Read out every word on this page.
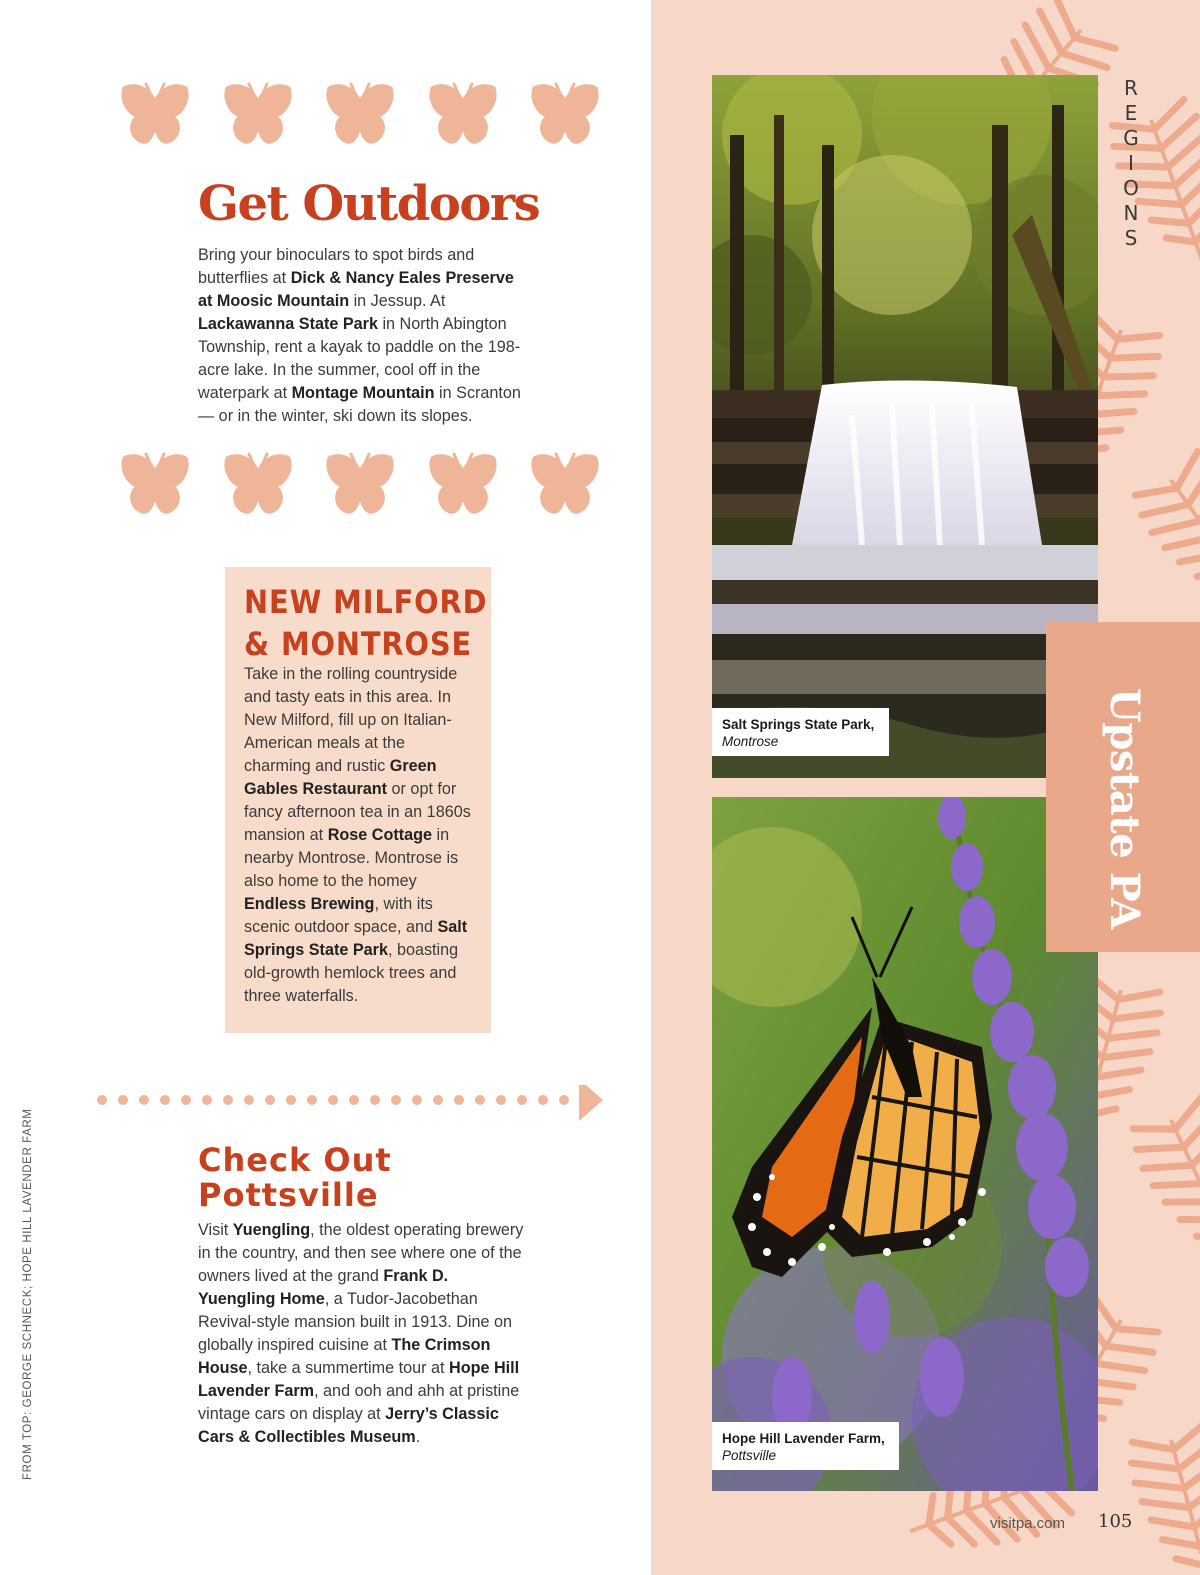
Get Outdoors
Bring your binoculars to spot birds and butterflies at Dick & Nancy Eales Preserve at Moosic Mountain in Jessup. At Lackawanna State Park in North Abington Township, rent a kayak to paddle on the 198-acre lake. In the summer, cool off in the waterpark at Montage Mountain in Scranton — or in the winter, ski down its slopes.
NEW MILFORD
& MONTROSE
Take in the rolling countryside and tasty eats in this area. In New Milford, fill up on Italian-American meals at the charming and rustic Green Gables Restaurant or opt for fancy afternoon tea in an 1860s mansion at Rose Cottage in nearby Montrose. Montrose is also home to the homey Endless Brewing, with its scenic outdoor space, and Salt Springs State Park, boasting old-growth hemlock trees and three waterfalls.
Check Out
Pottsville
Visit Yuengling, the oldest operating brewery in the country, and then see where one of the owners lived at the grand Frank D. Yuengling Home, a Tudor-Jacobethan Revival-style mansion built in 1913. Dine on globally inspired cuisine at The Crimson House, take a summertime tour at Hope Hill Lavender Farm, and ooh and ahh at pristine vintage cars on display at Jerry’s Classic Cars & Collectibles Museum.
FROM TOP: GEORGE SCHNECK; HOPE HILL LAVENDER FARM
Salt Springs State Park,
Montrose
Hope Hill Lavender Farm,
Pottsville
R
E
G
I
O
N
S
Upstate PA
visitpa.com 105
